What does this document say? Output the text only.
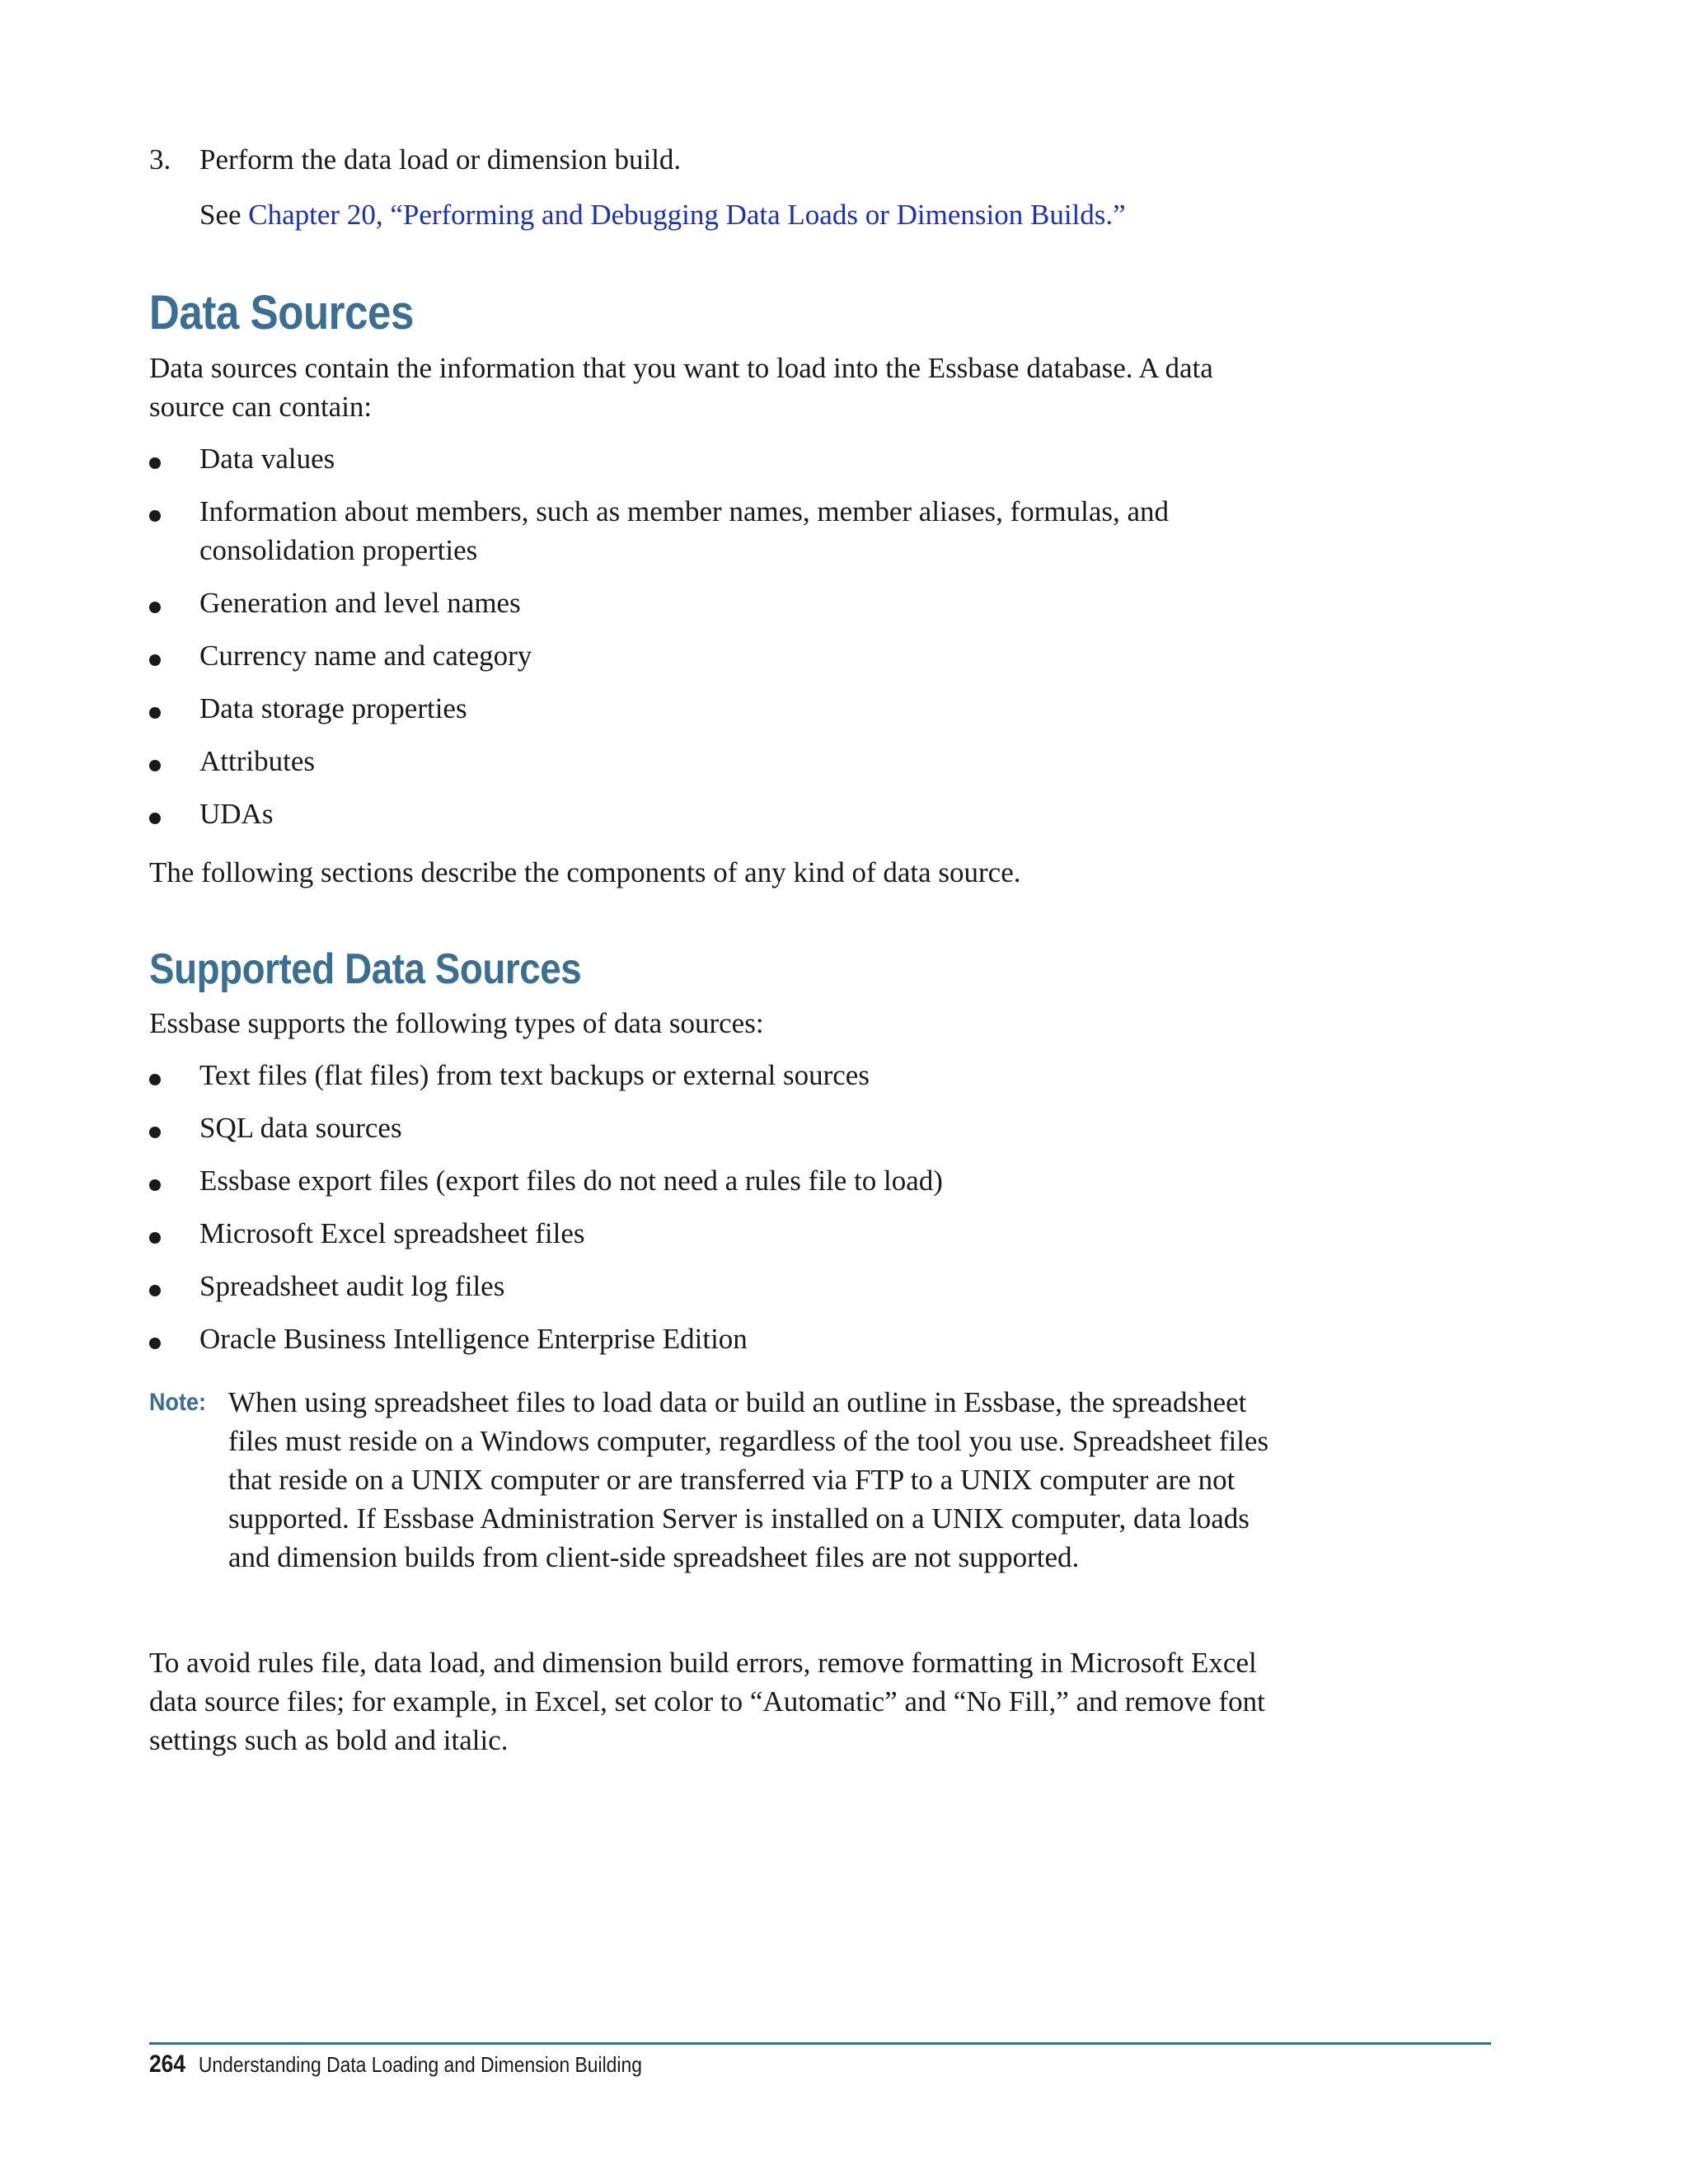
3. Perform the data load or dimension build.
See Chapter 20, “Performing and Debugging Data Loads or Dimension Builds.”
Data Sources

Data sources contain the information that you want to load into the Essbase database. A data
source can contain:

Data values
Information about members, such as member names, member aliases, formulas, and
consolidation properties
Generation and level names
Currency name and category
Data storage properties
Attributes
UDAs

The following sections describe the components of any kind of data source.

Supported Data Sources

Essbase supports the following types of data sources:

Text files (flat files) from text backups or external sources
SQL data sources
Essbase export files (export files do not need a rules file to load)
Microsoft Excel spreadsheet files
Spreadsheet audit log files
Oracle Business Intelligence Enterprise Edition
Note: When using spreadsheet files to load data or build an outline in Essbase, the spreadsheet
files must reside on a Windows computer, regardless of the tool you use. Spreadsheet files
that reside on a UNIX computer or are transferred via FTP to a UNIX computer are not
supported. If Essbase Administration Server is installed on a UNIX computer, data loads
and dimension builds from client-side spreadsheet files are not supported.

To avoid rules file, data load, and dimension build errors, remove formatting in Microsoft Excel
data source files; for example, in Excel, set color to “Automatic” and “No Fill,” and remove font
settings such as bold and italic.

264 Understanding Data Loading and Dimension Building
